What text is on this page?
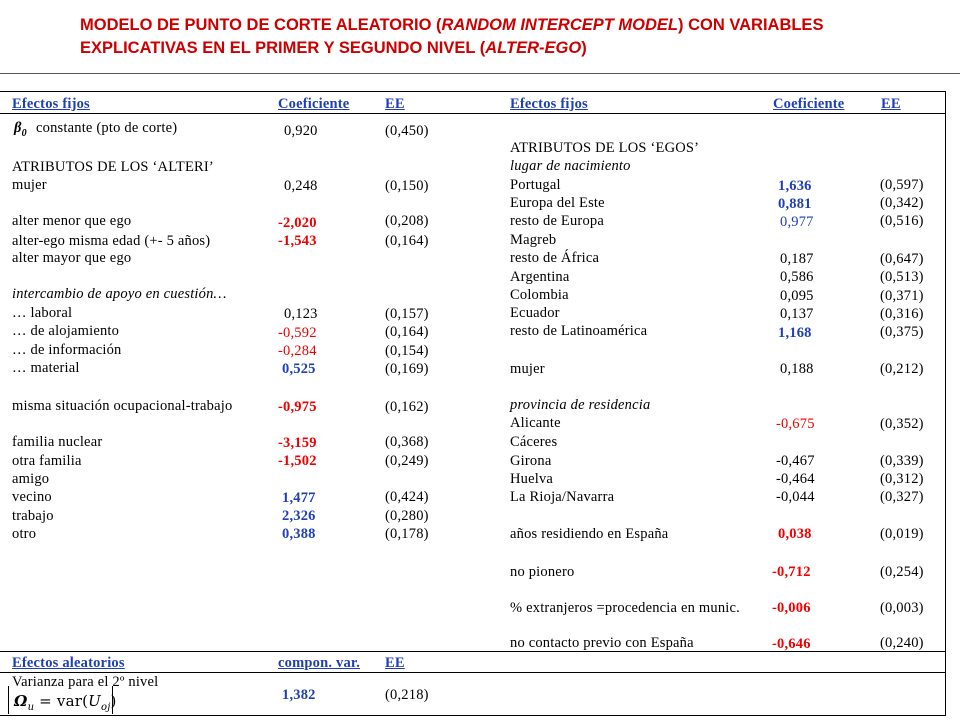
MODELO DE PUNTO DE CORTE ALEATORIO (RANDOM INTERCEPT MODEL) CON VARIABLES EXPLICATIVAS EN EL PRIMER Y SEGUNDO NIVEL (ALTER-EGO)
Efectos fijos	Coeficiente EE
$\beta_0$ constante (pto de corte)	0,920	(0,450)
ATRIBUTOS DE LOS ‘ALTERI’
mujer	0,248	(0,150)
alter menor que ego	-2,020	(0,208)
alter-ego misma edad (+- 5 años)	-1,543	(0,164)
alter mayor que ego
intercambio de apoyo en cuestión…
… laboral	0,123	(0,157)
… de alojamiento	-0,592	(0,164)
… de información	-0,284	(0,154)
… material	0,525	(0,169)
misma situación ocupacional-trabajo	-0,975	(0,162)
familia nuclear	-3,159	(0,368)
otra familia	-1,502	(0,249)
amigo
vecino	1,477	(0,424)
trabajo	2,326	(0,280)
otro	0,388	(0,178)
Efectos fijos	Coeficiente	EE
ATRIBUTOS DE LOS ‘EGOS’
lugar de nacimiento
Portugal	1,636	(0,597)
Europa del Este	0,881	(0,342)
resto de Europa	0,977	(0,516)
Magreb
resto de África	0,187	(0,647)
Argentina	0,586	(0,513)
Colombia	0,095	(0,371)
Ecuador	0,137	(0,316)
resto de Latinoamérica	1,168	(0,375)
mujer	0,188	(0,212)
provincia de residencia
Alicante	-0,675	(0,352)
Cáceres
Girona	-0,467	(0,339)
Huelva	-0,464	(0,312)
La Rioja/Navarra	-0,044	(0,327)
años residiendo en España	0,038	(0,019)
no pionero	-0,712	(0,254)
% extranjeros =procedencia en munic. -0,006	(0,003)
no contacto previo con España	-0,646	(0,240)
Efectos aleatorios	compon. var. EE
Varianza para el 2º nivel
$\Omega_u = var(U_{oj})$	1,382	(0,218)
